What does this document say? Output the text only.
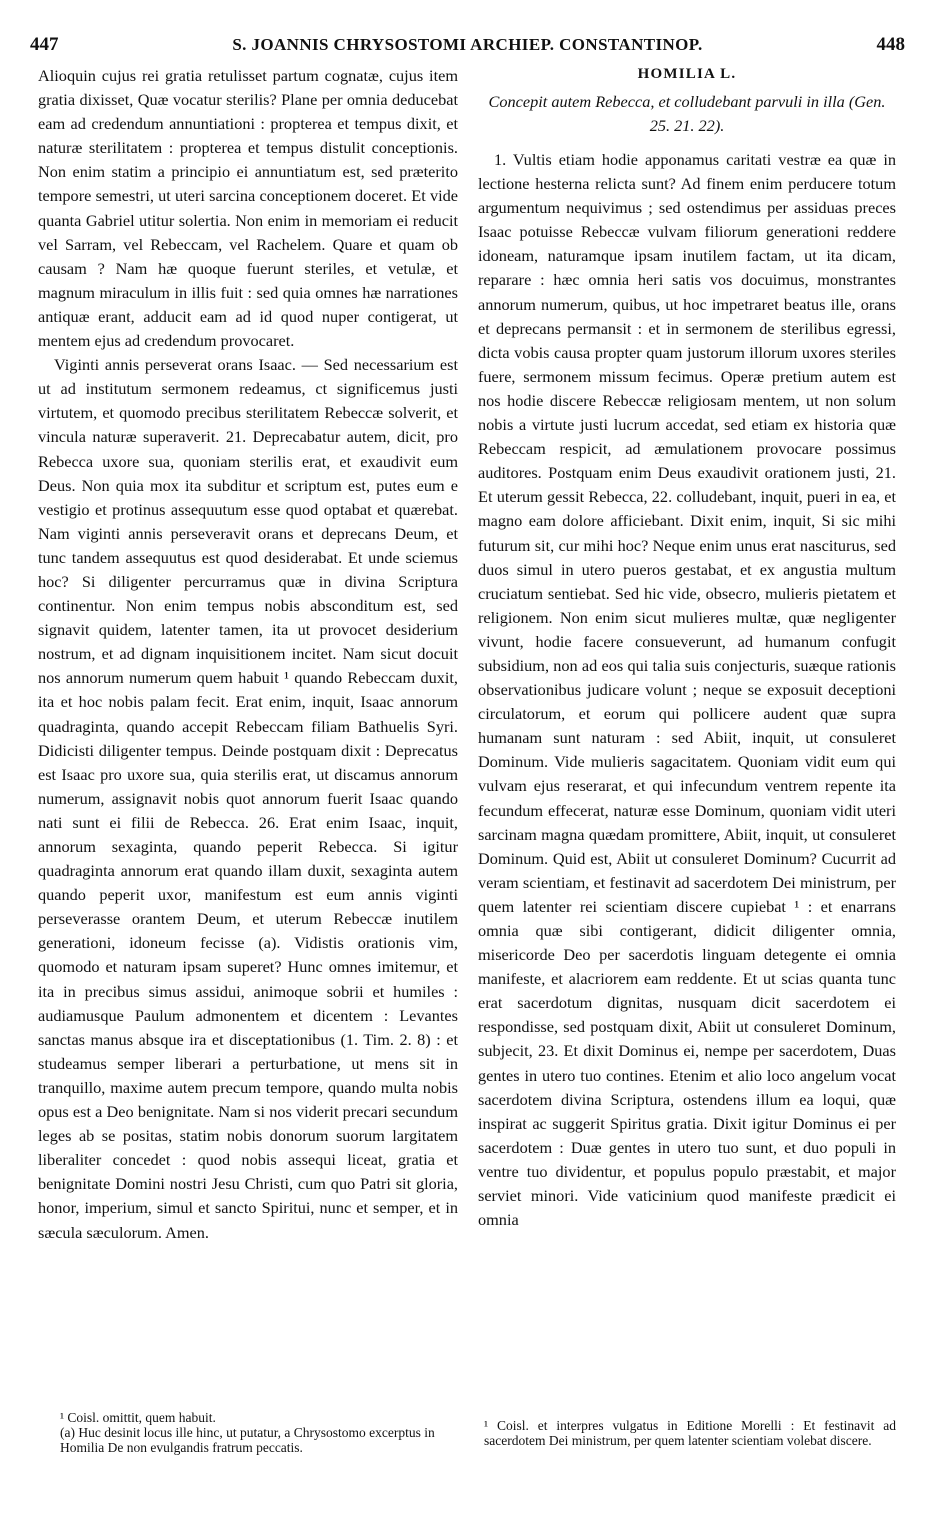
447	S. JOANNIS CHRYSOSTOMI ARCHIEP. CONSTANTINOP.	448

Alioquin cujus rei gratia retulisset partum cognatæ, cujus item gratia dixisset, Quæ vocatur sterilis? Plane per omnia deducebat eam ad credendum annuntiationi : propterea et tempus dixit, et naturæ sterilitatem : propterea et tempus distulit conceptionis. Non enim statim a principio ei annuntiatum est, sed præterito tempore semestri, ut uteri sarcina conceptionem doceret. Et vide quanta Gabriel utitur solertia. Non enim in memoriam ei reducit vel Sarram, vel Rebeccam, vel Rachelem. Quare et quam ob causam ? Nam hæ quoque fuerunt steriles, et vetulæ, et magnum miraculum in illis fuit : sed quia omnes hæ narrationes antiquæ erant, adducit eam ad id quod nuper contigerat, ut mentem ejus ad credendum provocaret.

Viginti annis perseverat orans Isaac. — Sed necessarium est ut ad institutum sermonem redeamus, ct significemus justi virtutem, et quomodo precibus sterilitatem Rebeccæ solverit, et vincula naturæ superaverit. 21. Deprecabatur autem, dicit, pro Rebecca uxore sua, quoniam sterilis erat, et exaudivit eum Deus. Non quia mox ita subditur et scriptum est, putes eum e vestigio et protinus assequutum esse quod optabat et quærebat. Nam viginti annis perseveravit orans et deprecans Deum, et tunc tandem assequutus est quod desiderabat. Et unde sciemus hoc? Si diligenter percurramus quæ in divina Scriptura continentur. Non enim tempus nobis absconditum est, sed signavit quidem, latenter tamen, ita ut provocet desiderium nostrum, et ad dignam inquisitionem incitet. Nam sicut docuit nos annorum numerum quem habuit ¹ quando Rebeccam duxit, ita et hoc nobis palam fecit. Erat enim, inquit, Isaac annorum quadraginta, quando accepit Rebeccam filiam Bathuelis Syri. Didicisti diligenter tempus. Deinde postquam dixit : Deprecatus est Isaac pro uxore sua, quia sterilis erat, ut discamus annorum numerum, assignavit nobis quot annorum fuerit Isaac quando nati sunt ei filii de Rebecca. 26. Erat enim Isaac, inquit, annorum sexaginta, quando peperit Rebecca. Si igitur quadraginta annorum erat quando illam duxit, sexaginta autem quando peperit uxor, manifestum est eum annis viginti perseverasse orantem Deum, et uterum Rebeccæ inutilem generationi, idoneum fecisse (a). Vidistis orationis vim, quomodo et naturam ipsam superet? Hunc omnes imitemur, et ita in precibus simus assidui, animoque sobrii et humiles : audiamusque Paulum admonentem et dicentem : Levantes sanctas manus absque ira et disceptationibus (1. Tim. 2. 8) : et studeamus semper liberari a perturbatione, ut mens sit in tranquillo, maxime autem precum tempore, quando multa nobis opus est a Deo benignitate. Nam si nos viderit precari secundum leges ab se positas, statim nobis donorum suorum largitatem liberaliter concedet : quod nobis assequi liceat, gratia et benignitate Domini nostri Jesu Christi, cum quo Patri sit gloria, honor, imperium, simul et sancto Spiritui, nunc et semper, et in sæcula sæculorum. Amen.

¹ Coisl. omittit, quem habuit.

(a) Huc desinit locus ille hinc, ut putatur, a Chrysostomo excerptus in Homilia De non evulgandis fratrum peccatis.

HOMILIA L.
Concepit autem Rebecca, et colludebant parvuli in illa (Gen. 25. 21. 22).

1. Vultis etiam hodie apponamus caritati vestræ ea quæ in lectione hesterna relicta sunt? Ad finem enim perducere totum argumentum nequivimus ; sed ostendimus per assiduas preces Isaac potuisse Rebeccæ vulvam filiorum generationi reddere idoneam, naturamque ipsam inutilem factam, ut ita dicam, reparare : hæc omnia heri satis vos docuimus, monstrantes annorum numerum, quibus, ut hoc impetraret beatus ille, orans et deprecans permansit : et in sermonem de sterilibus egressi, dicta vobis causa propter quam justorum illorum uxores steriles fuere, sermonem missum fecimus. Operæ pretium autem est nos hodie discere Rebeccæ religiosam mentem, ut non solum nobis a virtute justi lucrum accedat, sed etiam ex historia quæ Rebeccam respicit, ad æmulationem provocare possimus auditores. Postquam enim Deus exaudivit orationem justi, 21. Et uterum gessit Rebecca, 22. colludebant, inquit, pueri in ea, et magno eam dolore afficiebant. Dixit enim, inquit, Si sic mihi futurum sit, cur mihi hoc? Neque enim unus erat nasciturus, sed duos simul in utero pueros gestabat, et ex angustia multum cruciatum sentiebat. Sed hic vide, obsecro, mulieris pietatem et religionem. Non enim sicut mulieres multæ, quæ negligenter vivunt, hodie facere consueverunt, ad humanum confugit subsidium, non ad eos qui talia suis conjecturis, suæque rationis observationibus judicare volunt ; neque se exposuit deceptioni circulatorum, et eorum qui pollicere audent quæ supra humanam sunt naturam : sed Abiit, inquit, ut consuleret Dominum. Vide mulieris sagacitatem. Quoniam vidit eum qui vulvam ejus reserarat, et qui infecundum ventrem repente ita fecundum effecerat, naturæ esse Dominum, quoniam vidit uteri sarcinam magna quædam promittere, Abiit, inquit, ut consuleret Dominum. Quid est, Abiit ut consuleret Dominum? Cucurrit ad veram scientiam, et festinavit ad sacerdotem Dei ministrum, per quem latenter rei scientiam discere cupiebat ¹ : et enarrans omnia quæ sibi contigerant, didicit diligenter omnia, misericorde Deo per sacerdotis linguam detegente ei omnia manifeste, et alacriorem eam reddente. Et ut scias quanta tunc erat sacerdotum dignitas, nusquam dicit sacerdotem ei respondisse, sed postquam dixit, Abiit ut consuleret Dominum, subjecit, 23. Et dixit Dominus ei, nempe per sacerdotem, Duas gentes in utero tuo contines. Etenim et alio loco angelum vocat sacerdotem divina Scriptura, ostendens illum ea loqui, quæ inspirat ac suggerit Spiritus gratia. Dixit igitur Dominus ei per sacerdotem : Duæ gentes in utero tuo sunt, et duo populi in ventre tuo dividentur, et populus populo præstabit, et major serviet minori. Vide vaticinium quod manifeste prædicit ei omnia

¹ Coisl. et interpres vulgatus in Editione Morelli : Et festinavit ad sacerdotem Dei ministrum, per quem latenter scientiam volebat discere.
